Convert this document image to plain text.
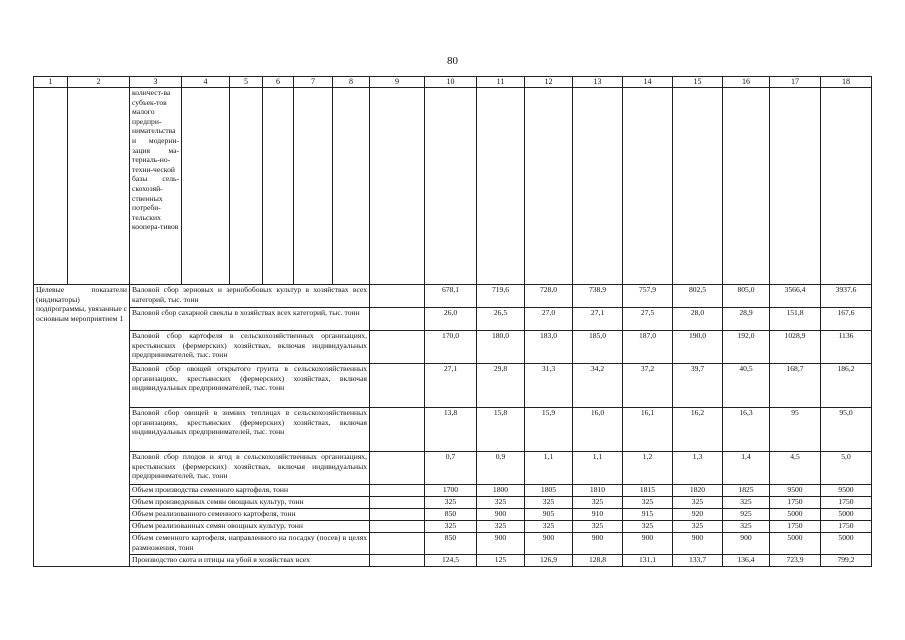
80
1	2	3	4	5	6	7	8	9	10	11	12	13	14	15	16	17	18
		количест-ва субъек-тов малого предпри-нимательства и модерни-зация ма-териаль-но-техни-ческой базы сель-скохозяй-ственных потреби-тельских коопера-тивов															
Целевые показатели (индикаторы) подпрограммы, увязанные с основным мероприятием 1		Валовой сбор зерновых и зернобобовых культур в хозяйствах всех категорий, тыс. тонн							678,1	719,6	728,0	738,9	757,9	802,5	805,0	3566,4	3937,6
		Валовой сбор сахарной свеклы в хозяйствах всех категорий, тыс. тонн							26,0	26,5	27,0	27,1	27,5	28,0	28,9	151,8	167,6
		Валовой сбор картофеля в сельскохозяйственных организациях, крестьянских (фермерских) хозяйствах, включая индивидуальных предпринимателей, тыс. тонн							170,0	180,0	183,0	185,0	187,0	190,0	192,0	1028,9	1136
		Валовой сбор овощей открытого грунта в сельскохозяйственных организациях, крестьянских (фермерских) хозяйствах, включая индивидуальных предпринимателей, тыс. тонн							27,1	29,8	31,3	34,2	37,2	39,7	40,5	168,7	186,2
		Валовой сбор овощей в зимних теплицах в сельскохозяйственных организациях, крестьянских (фермерских) хозяйствах, включая индивидуальных предпринимателей, тыс. тонн							13,8	15,8	15,9	16,0	16,1	16,2	16,3	95	95,0
		Валовой сбор плодов и ягод в сельскохозяйственных организациях, крестьянских (фермерских) хозяйствах, включая индивидуальных предпринимателей, тыс. тонн							0,7	0,9	1,1	1,1	1,2	1,3	1,4	4,5	5,0
		Объем производства семенного картофеля, тонн							1700	1800	1805	1810	1815	1820	1825	9500	9500
		Объем произведенных семян овощных культур, тонн							325	325	325	325	325	325	325	1750	1750
		Объем реализованного семенного картофеля, тонн							850	900	905	910	915	920	925	5000	5000
		Объем реализованных семян овощных культур, тонн							325	325	325	325	325	325	325	1750	1750
		Объем семенного картофеля, направленного на посадку (посев) в целях размножения, тонн							850	900	900	900	900	900	900	5000	5000
		Производство скота и птицы на убой в хозяйствах всех							124,5	125	126,9	128,8	131,1	133,7	136,4	723,9	799,2
